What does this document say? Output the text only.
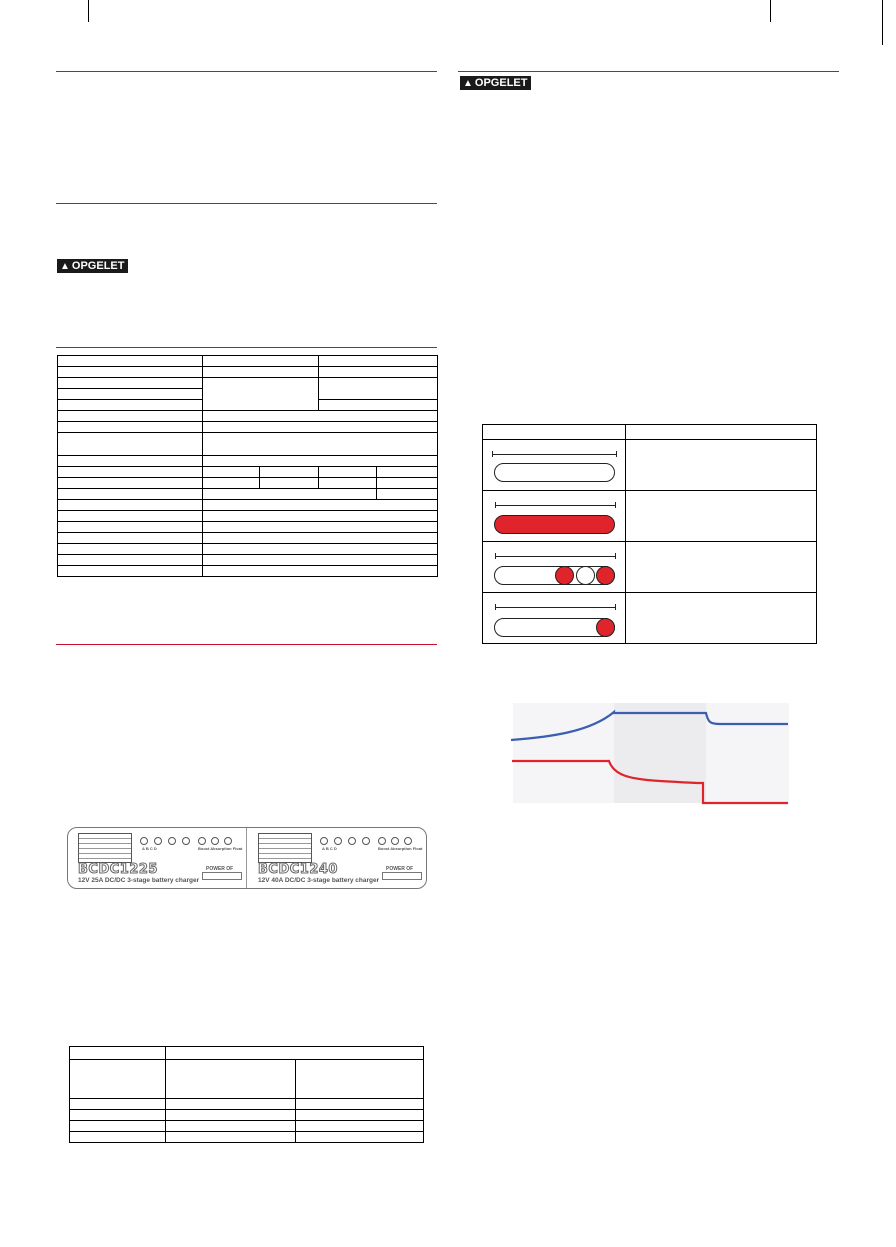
▲ OPGELET

A B C D	Boost Absorption Float
BCDC1225
12V 25A DC/DC 3-stage battery charger
POWER OF
A B C D	Boost Absorption Float
BCDC1240
12V 40A DC/DC 3-stage battery charger
POWER OF

▲ OPGELET
